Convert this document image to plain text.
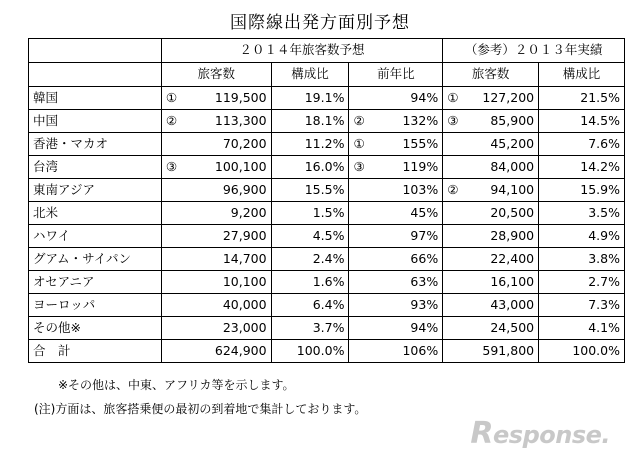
国際線出発方面別予想
	２０１４年旅客数予想			（参考）２０１３年実績	
	旅客数	構成比	前年比	旅客数	構成比
韓国	① 119,500	19.1%	94%	① 127,200	21.5%
中国	② 113,300	18.1%	② 132%	③ 85,900	14.5%
香港・マカオ	70,200	11.2%	① 155%	45,200	7.6%
台湾	③ 100,100	16.0%	③ 119%	84,000	14.2%
東南アジア	96,900	15.5%	103%	② 94,100	15.9%
北米	9,200	1.5%	45%	20,500	3.5%
ハワイ	27,900	4.5%	97%	28,900	4.9%
グアム・サイパン	14,700	2.4%	66%	22,400	3.8%
オセアニア	10,100	1.6%	63%	16,100	2.7%
ヨーロッパ	40,000	6.4%	93%	43,000	7.3%
その他※	23,000	3.7%	94%	24,500	4.1%
合　計	624,900	100.0%	106%	591,800	100.0%
※その他は、中東、アフリカ等を示します。
(注)方面は、旅客搭乗便の最初の到着地で集計しております。
Response.
